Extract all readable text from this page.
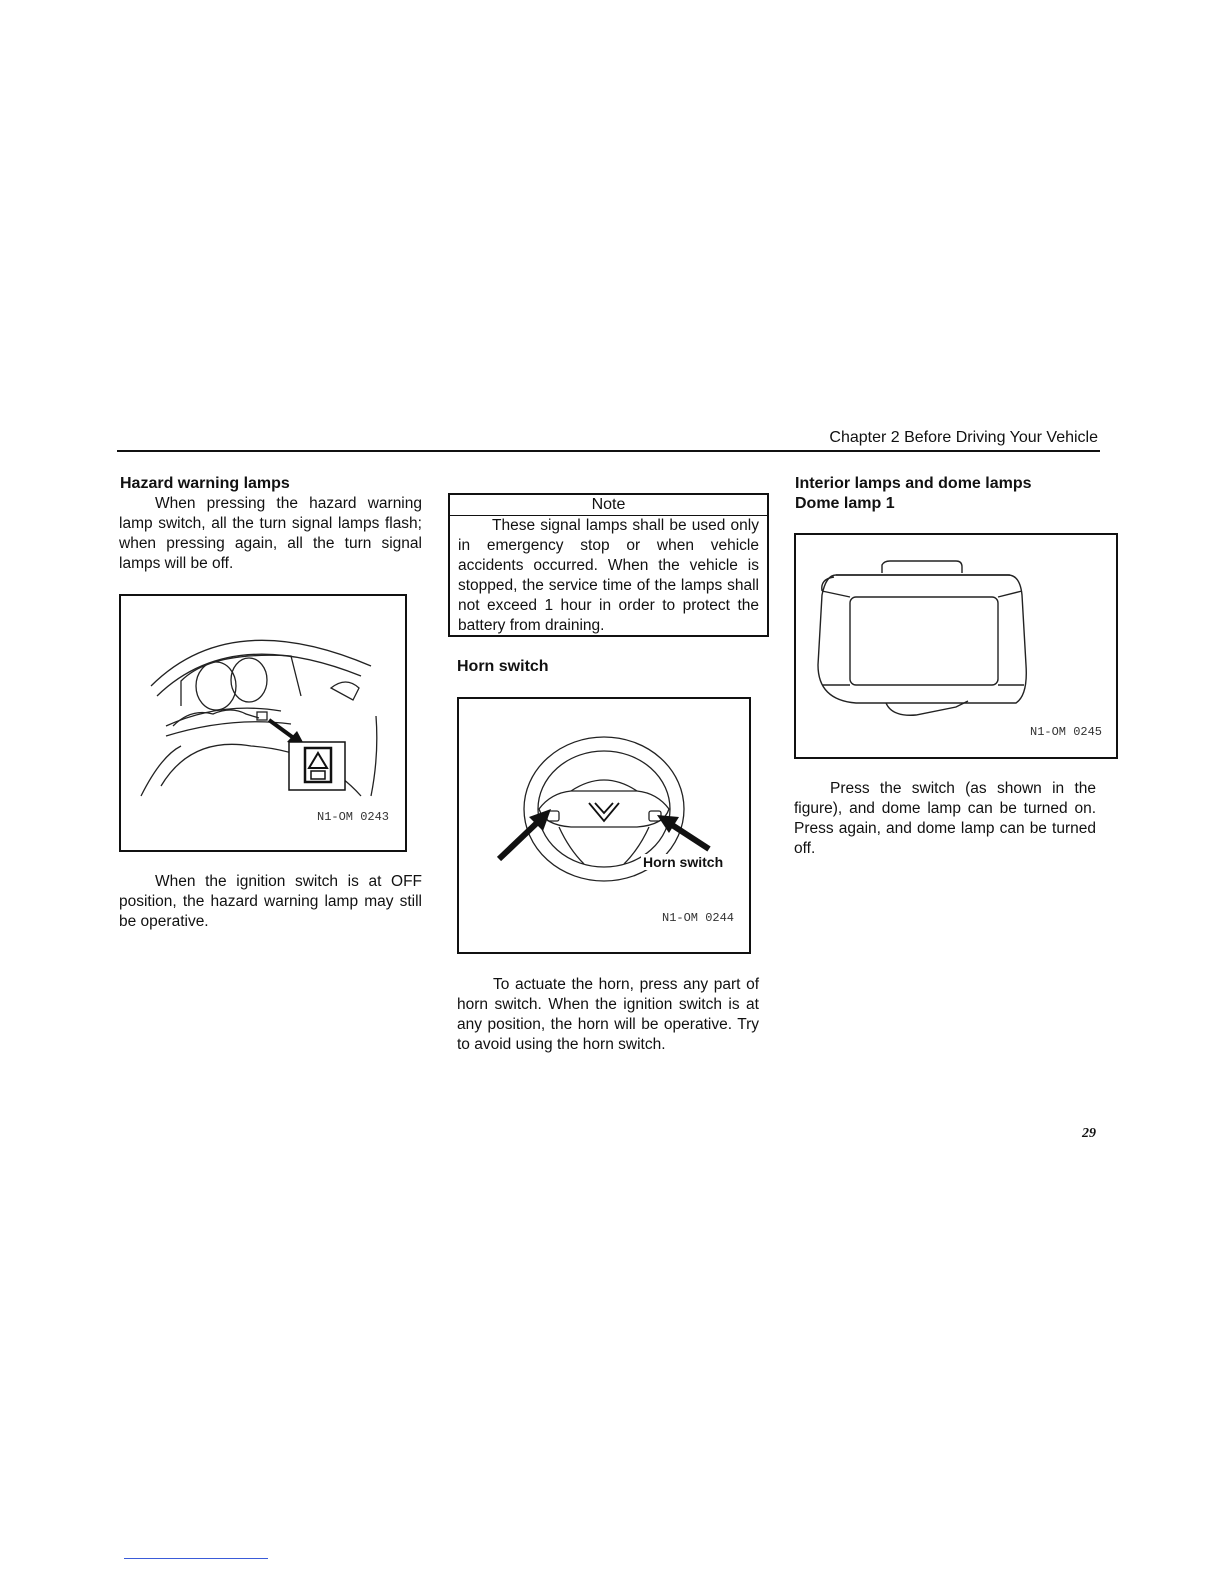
Chapter 2 Before Driving Your Vehicle
Hazard warning lamps
When pressing the hazard warning lamp switch, all the turn signal lamps flash; when pressing again, all the turn signal lamps will be off.
N1-OM 0243
When the ignition switch is at OFF position, the hazard warning lamp may still be operative.
Note
These signal lamps shall be used only in emergency stop or when vehicle accidents occurred. When the vehicle is stopped, the service time of the lamps shall not exceed 1 hour in order to protect the battery from draining.
Horn switch
Horn switch
N1-OM 0244
To actuate the horn, press any part of horn switch. When the ignition switch is at any position, the horn will be operative. Try to avoid using the horn switch.
Interior lamps and dome lamps
Dome lamp 1
N1-OM 0245
Press the switch (as shown in the figure), and dome lamp can be turned on. Press again, and dome lamp can be turned off.
29
